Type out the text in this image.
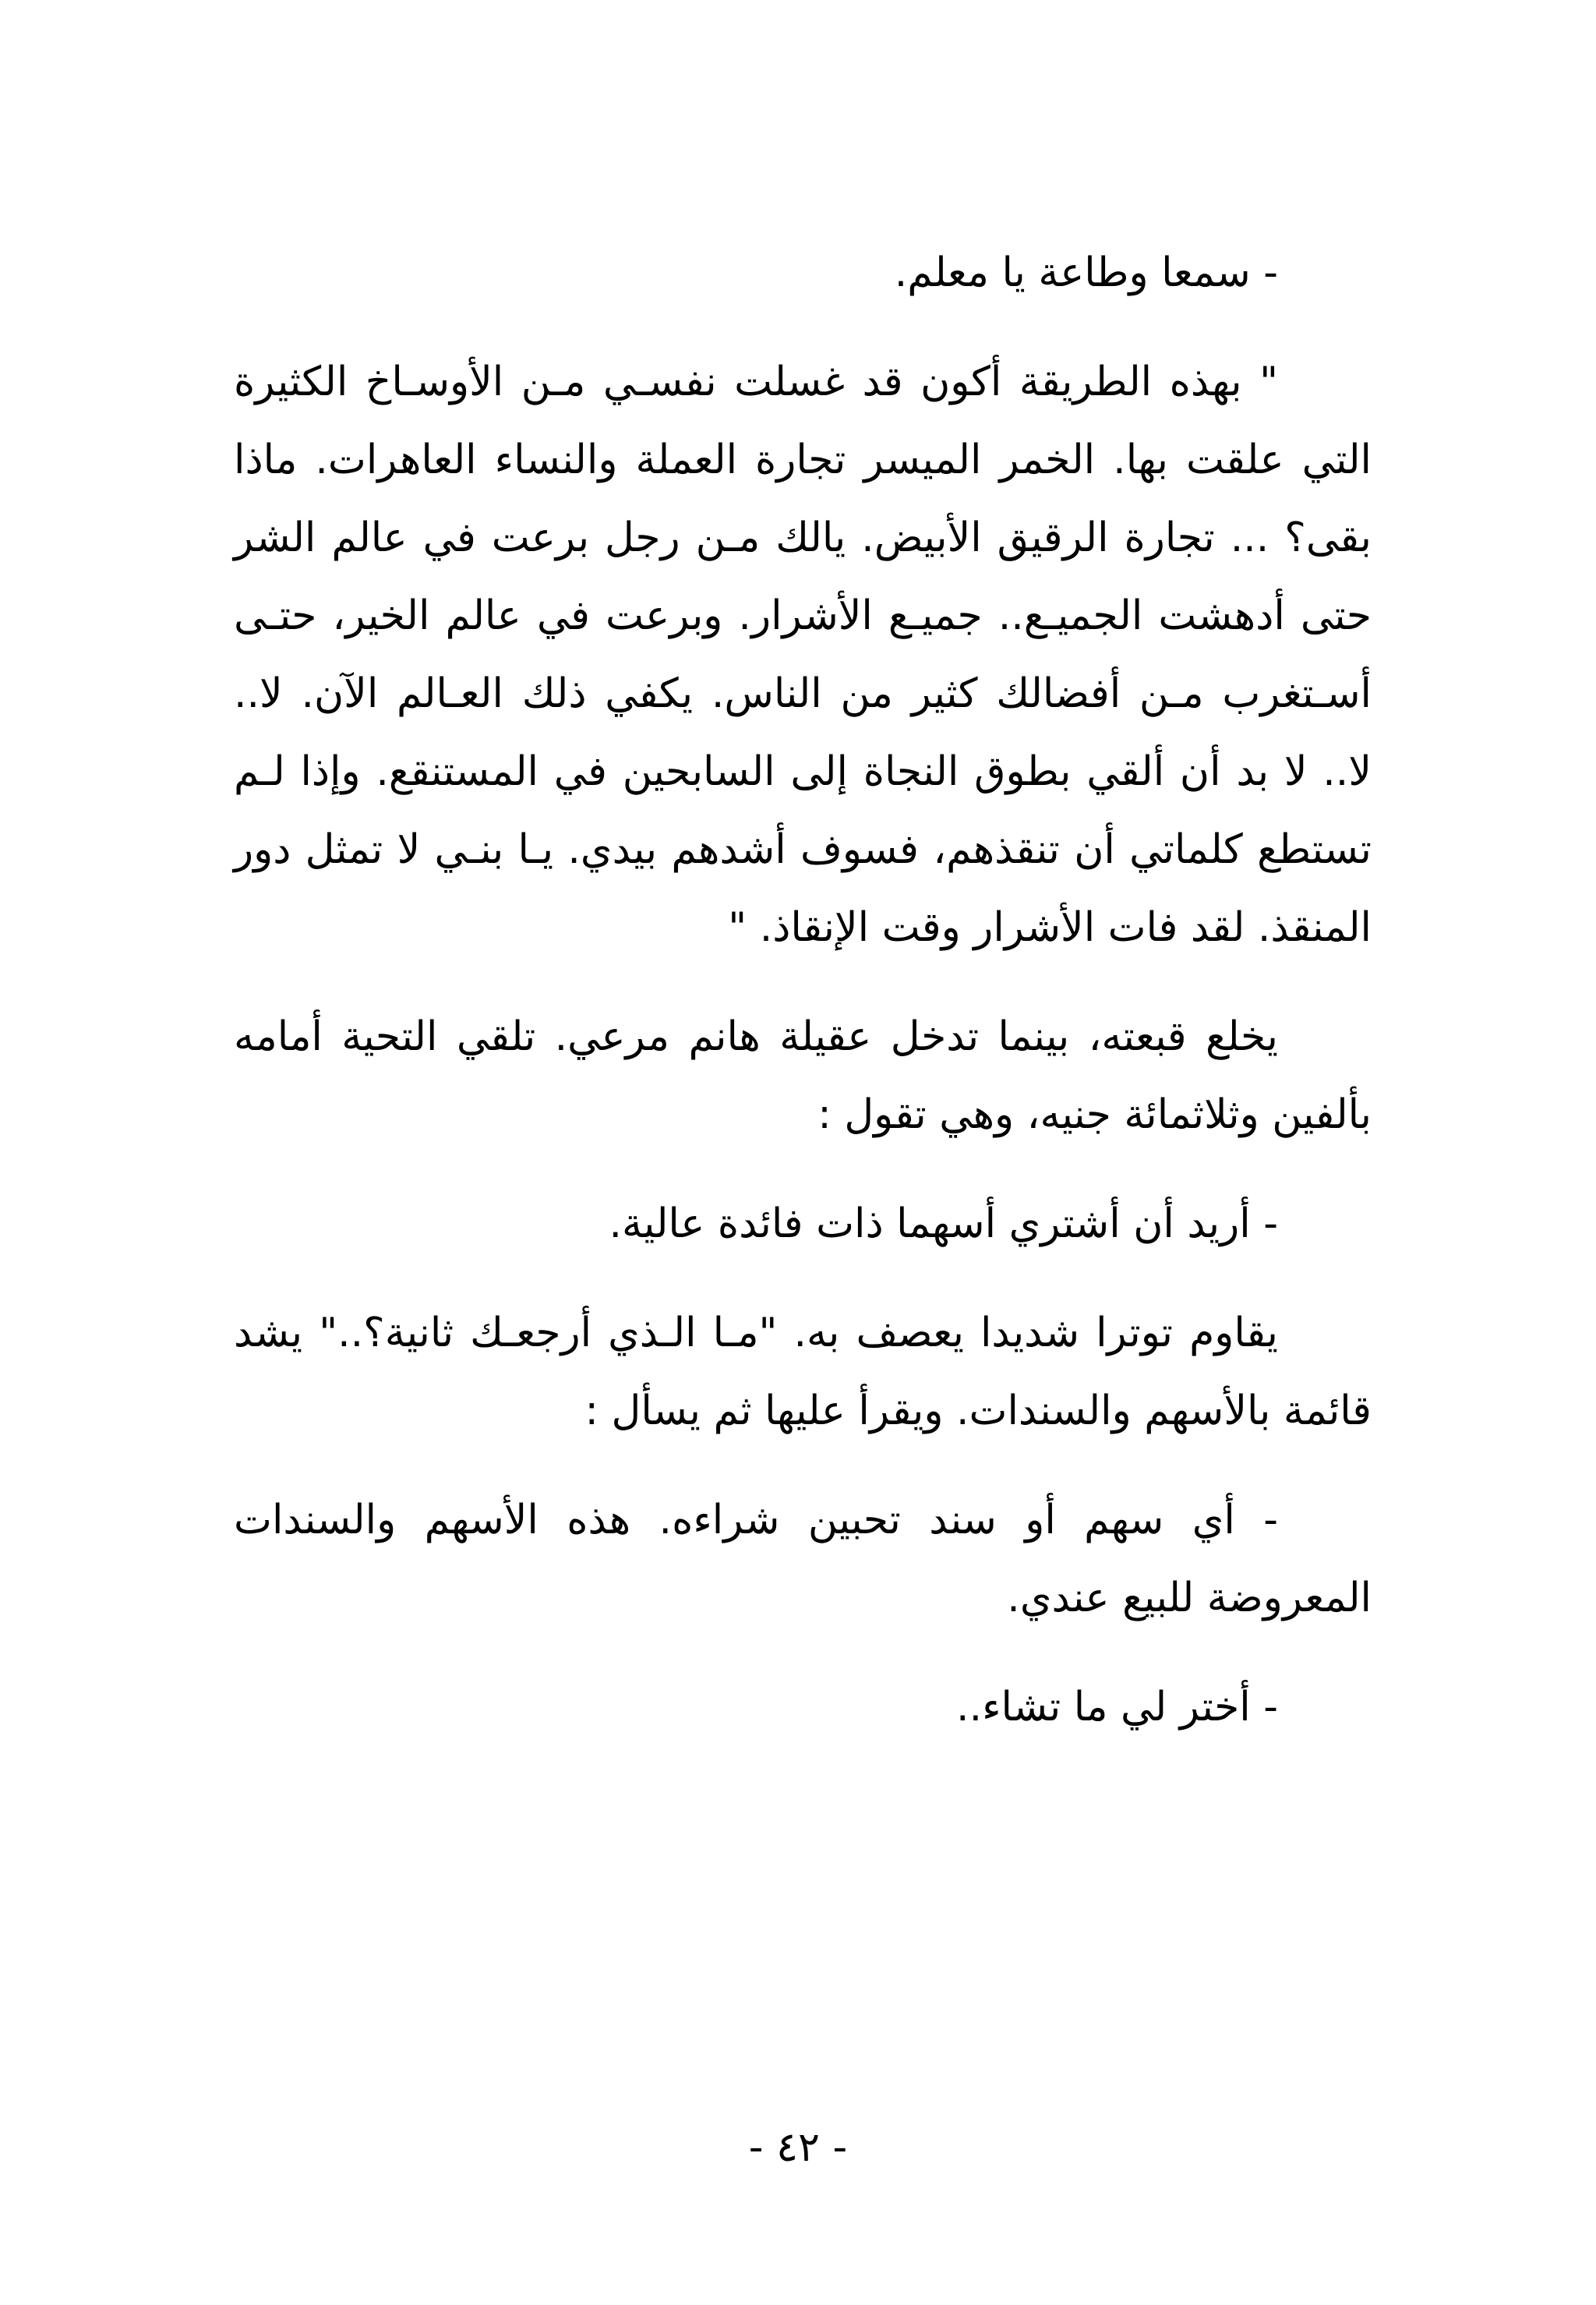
- سمعا وطاعة يا معلم.

" بهذه الطريقة أكون قد غسلت نفسـي مـن الأوسـاخ الكثيرة التي علقت بها. الخمر الميسر تجارة العملة والنساء العاهرات. ماذا بقى؟ ... تجارة الرقيق الأبيض. يالك مـن رجل برعت في عالم الشر حتى أدهشت الجميـع.. جميـع الأشرار. وبرعت في عالم الخير، حتـى أسـتغرب مـن أفضالك كثير من الناس. يكفي ذلك العـالم الآن. لا.. لا.. لا بد أن ألقي بطوق النجاة إلى السابحين في المستنقع. وإذا لـم تستطع كلماتي أن تنقذهم، فسوف أشدهم بيدي. يـا بنـي لا تمثل دور المنقذ. لقد فات الأشرار وقت الإنقاذ. "

يخلع قبعته، بينما تدخل عقيلة هانم مرعي. تلقي التحية أمامه بألفين وثلاثمائة جنيه، وهي تقول :

- أريد أن أشتري أسهما ذات فائدة عالية.

يقاوم توترا شديدا يعصف به. "مـا الـذي أرجعـك ثانية؟.." يشد قائمة بالأسهم والسندات. ويقرأ عليها ثم يسأل :

- أي سهم أو سند تحبين شراءه. هذه الأسهم والسندات المعروضة للبيع عندي.

- أختر لي ما تشاء..

- ٤٢ -
